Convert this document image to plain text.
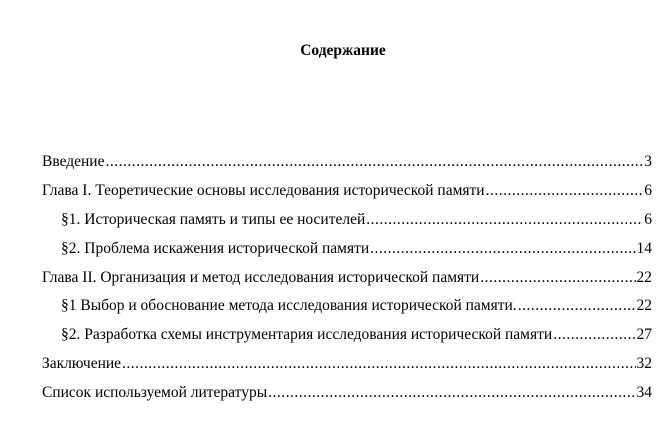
Содержание
Введение .....	3
Глава I. Теоретические основы исследования исторической памяти .....	6
§1. Историческая память и типы ее носителей .....	6
§2. Проблема искажения исторической памяти .....	14
Глава II. Организация и метод исследования исторической памяти .....	22
§1 Выбор и обоснование метода исследования исторической памяти. .....	22
§2. Разработка схемы инструментария исследования исторической памяти .....	27
Заключение .....	32
Список используемой литературы .....	34
